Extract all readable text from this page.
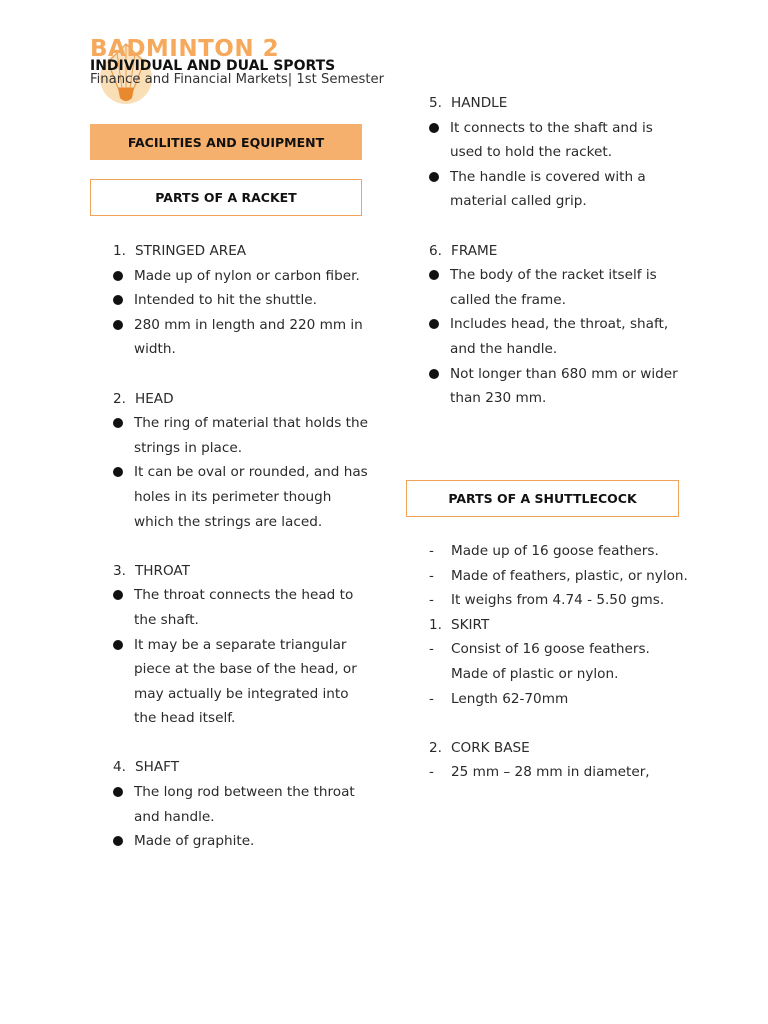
BADMINTON 2
INDIVIDUAL AND DUAL SPORTS

Finance and Financial Markets| 1st Semester

FACILITIES AND EQUIPMENT
PARTS OF A RACKET
PARTS OF A SHUTTLECOCK
1. STRINGED AREA
Made up of nylon or carbon fiber.
Intended to hit the shuttle.
280 mm in length and 220 mm in width.
2. HEAD
The ring of material that holds the strings in place.
It can be oval or rounded, and has holes in its perimeter though which the strings are laced.
3. THROAT
The throat connects the head to the shaft.
It may be a separate triangular piece at the base of the head, or may actually be integrated into the head itself.
4. SHAFT
The long rod between the throat and handle.
Made of graphite.
5. HANDLE
It connects to the shaft and is used to hold the racket.
The handle is covered with a material called grip.
6. FRAME
The body of the racket itself is called the frame.
Includes head, the throat, shaft, and the handle.
Not longer than 680 mm or wider than 230 mm.
- Made up of 16 goose feathers.
- Made of feathers, plastic, or nylon.
- It weighs from 4.74 - 5.50 gms.
1. SKIRT
- Consist of 16 goose feathers. Made of plastic or nylon.
- Length 62-70mm
2. CORK BASE
- 25 mm – 28 mm in diameter,
